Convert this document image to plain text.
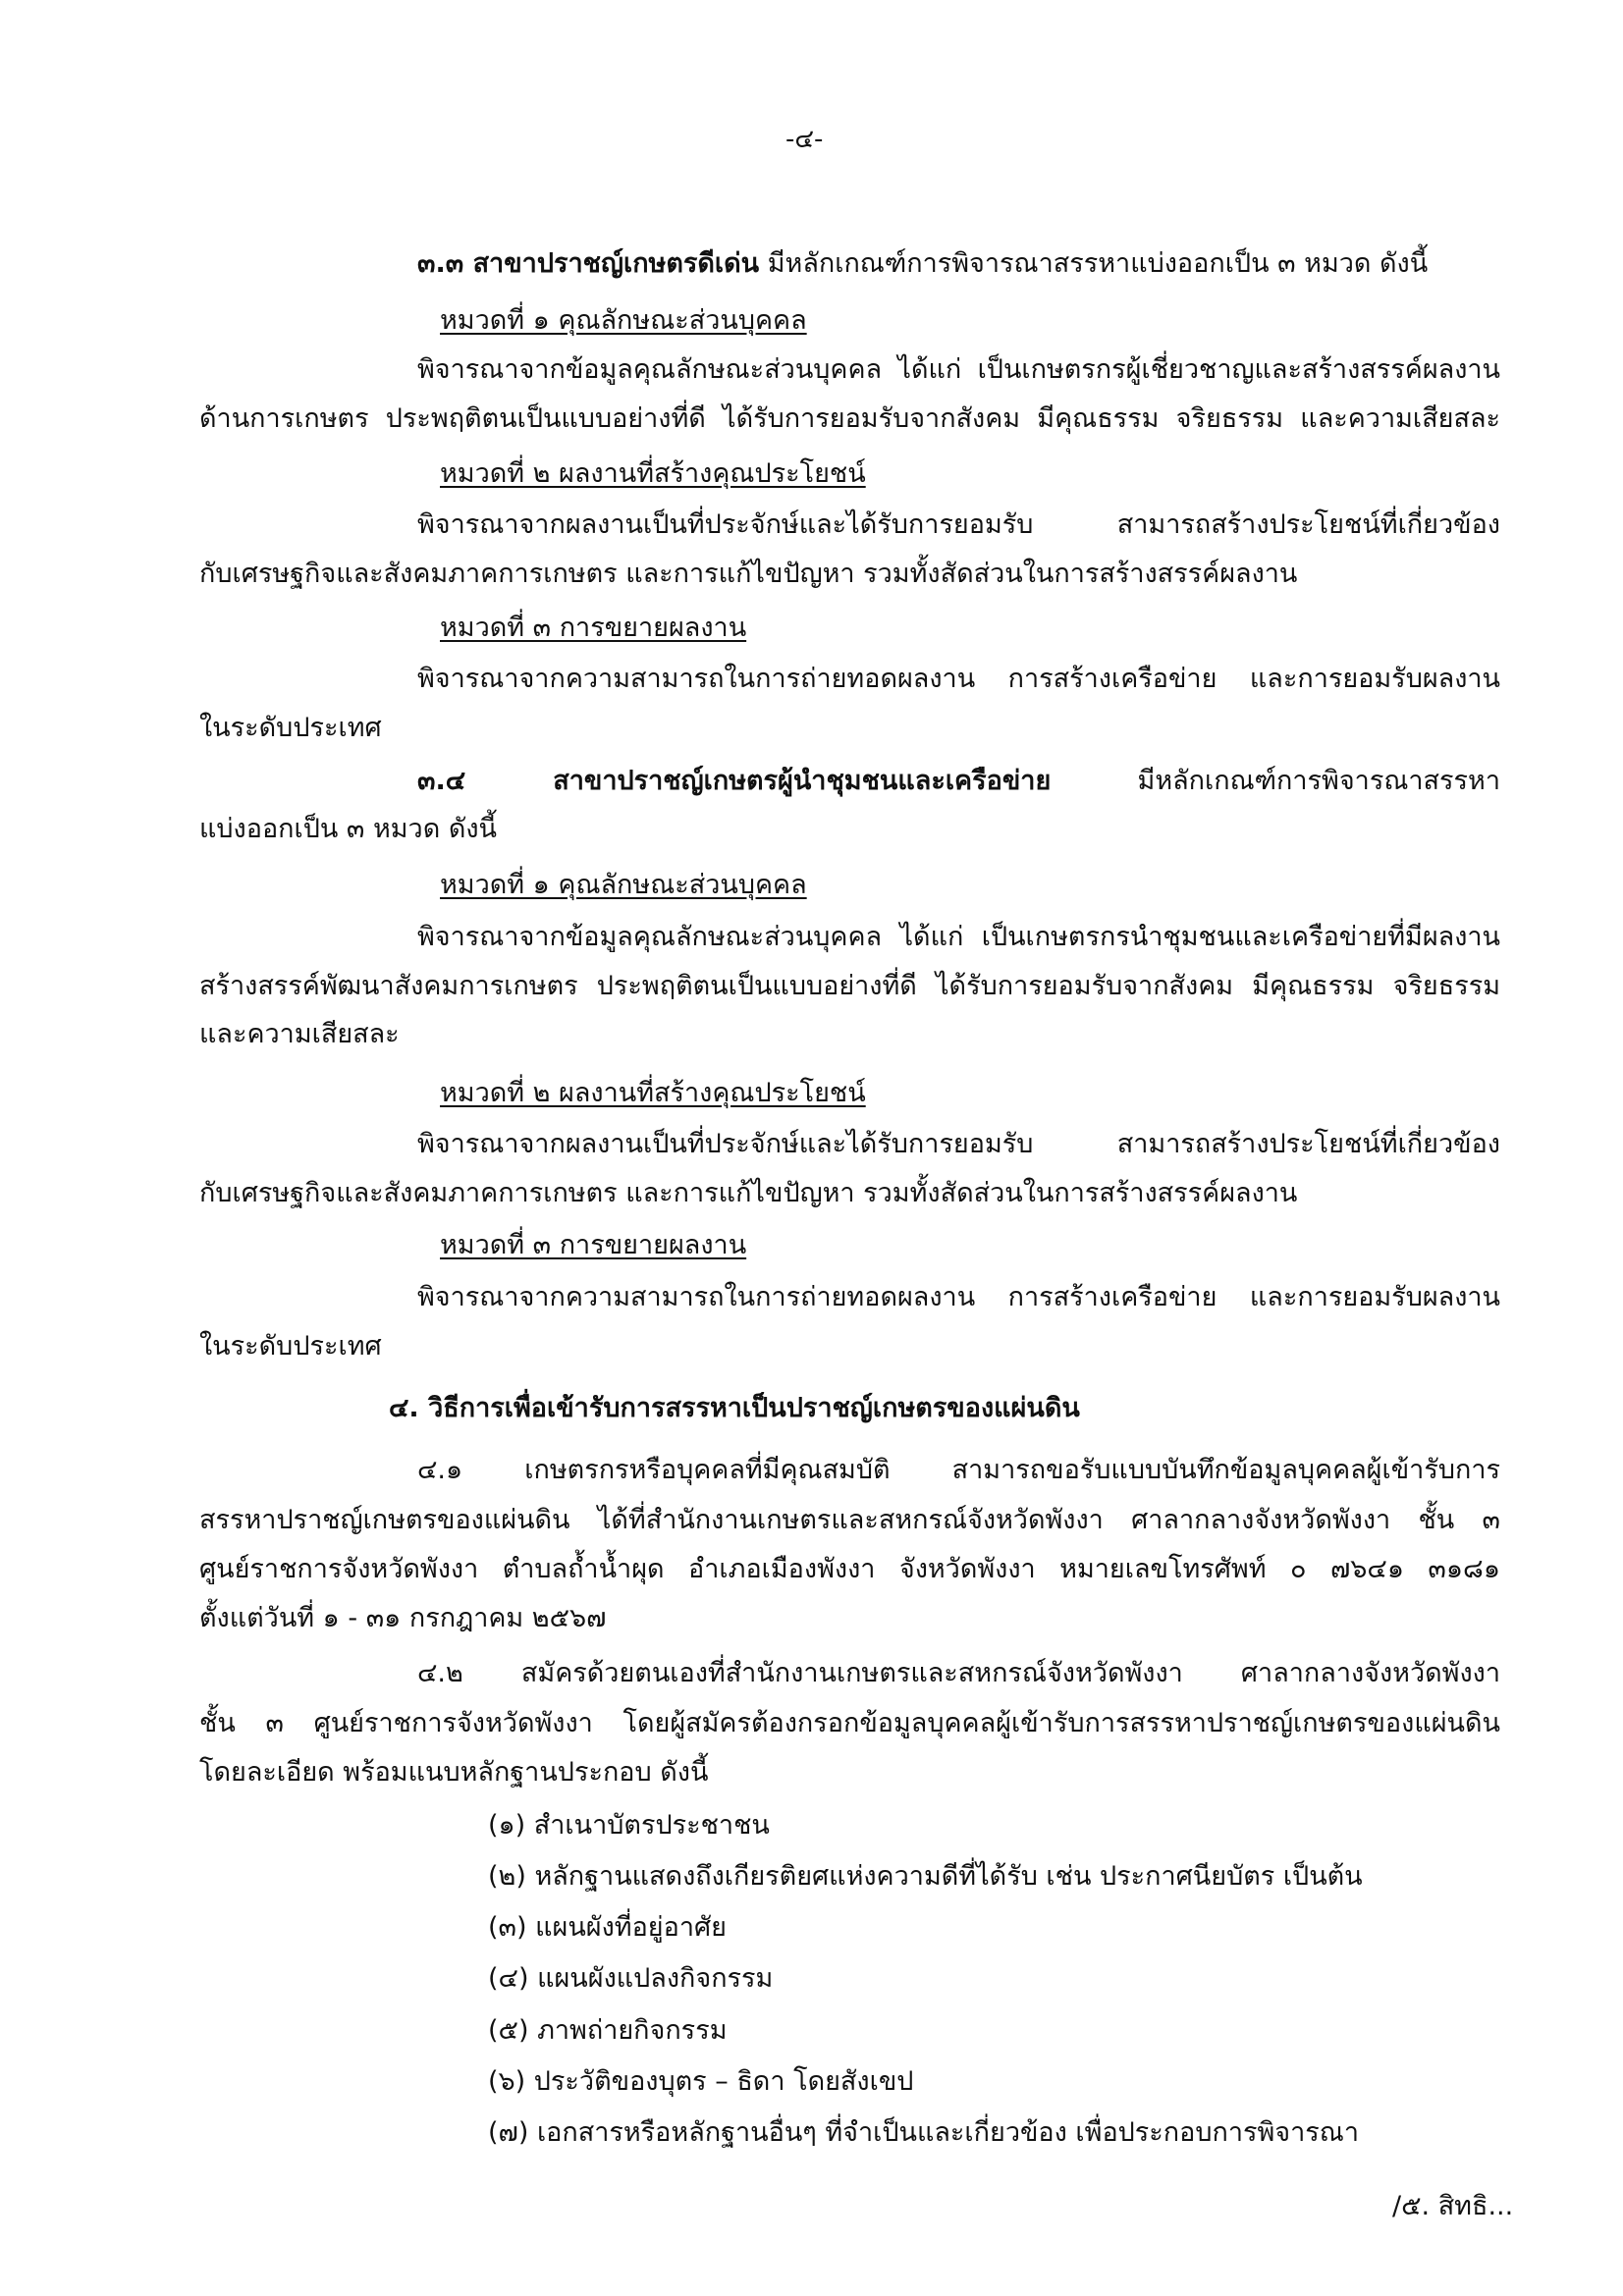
-๔-
๓.๓ สาขาปราชญ์เกษตรดีเด่น มีหลักเกณฑ์การพิจารณาสรรหาแบ่งออกเป็น ๓ หมวด ดังนี้
หมวดที่ ๑ คุณลักษณะส่วนบุคคล
พิจารณาจากข้อมูลคุณลักษณะส่วนบุคคล ได้แก่ เป็นเกษตรกรผู้เชี่ยวชาญและสร้างสรรค์ผลงาน
ด้านการเกษตร ประพฤติตนเป็นแบบอย่างที่ดี ได้รับการยอมรับจากสังคม มีคุณธรรม จริยธรรม และความเสียสละ
หมวดที่ ๒ ผลงานที่สร้างคุณประโยชน์
พิจารณาจากผลงานเป็นที่ประจักษ์และได้รับการยอมรับ สามารถสร้างประโยชน์ที่เกี่ยวข้อง
กับเศรษฐกิจและสังคมภาคการเกษตร และการแก้ไขปัญหา รวมทั้งสัดส่วนในการสร้างสรรค์ผลงาน
หมวดที่ ๓ การขยายผลงาน
พิจารณาจากความสามารถในการถ่ายทอดผลงาน การสร้างเครือข่าย และการยอมรับผลงาน
ในระดับประเทศ
๓.๔ สาขาปราชญ์เกษตรผู้นำชุมชนและเครือข่าย มีหลักเกณฑ์การพิจารณาสรรหา
แบ่งออกเป็น ๓ หมวด ดังนี้
หมวดที่ ๑ คุณลักษณะส่วนบุคคล
พิจารณาจากข้อมูลคุณลักษณะส่วนบุคคล ได้แก่ เป็นเกษตรกรนำชุมชนและเครือข่ายที่มีผลงาน
สร้างสรรค์พัฒนาสังคมการเกษตร ประพฤติตนเป็นแบบอย่างที่ดี ได้รับการยอมรับจากสังคม มีคุณธรรม จริยธรรม
และความเสียสละ
หมวดที่ ๒ ผลงานที่สร้างคุณประโยชน์
พิจารณาจากผลงานเป็นที่ประจักษ์และได้รับการยอมรับ สามารถสร้างประโยชน์ที่เกี่ยวข้อง
กับเศรษฐกิจและสังคมภาคการเกษตร และการแก้ไขปัญหา รวมทั้งสัดส่วนในการสร้างสรรค์ผลงาน
หมวดที่ ๓ การขยายผลงาน
พิจารณาจากความสามารถในการถ่ายทอดผลงาน การสร้างเครือข่าย และการยอมรับผลงาน
ในระดับประเทศ
๔. วิธีการเพื่อเข้ารับการสรรหาเป็นปราชญ์เกษตรของแผ่นดิน
๔.๑ เกษตรกรหรือบุคคลที่มีคุณสมบัติ สามารถขอรับแบบบันทึกข้อมูลบุคคลผู้เข้ารับการ
สรรหาปราชญ์เกษตรของแผ่นดิน ได้ที่สำนักงานเกษตรและสหกรณ์จังหวัดพังงา ศาลากลางจังหวัดพังงา ชั้น ๓
ศูนย์ราชการจังหวัดพังงา ตำบลถ้ำน้ำผุด อำเภอเมืองพังงา จังหวัดพังงา หมายเลขโทรศัพท์ ๐ ๗๖๔๑ ๓๑๘๑
ตั้งแต่วันที่ ๑ - ๓๑ กรกฎาคม ๒๕๖๗
๔.๒ สมัครด้วยตนเองที่สำนักงานเกษตรและสหกรณ์จังหวัดพังงา ศาลากลางจังหวัดพังงา
ชั้น ๓ ศูนย์ราชการจังหวัดพังงา โดยผู้สมัครต้องกรอกข้อมูลบุคคลผู้เข้ารับการสรรหาปราชญ์เกษตรของแผ่นดิน
โดยละเอียด พร้อมแนบหลักฐานประกอบ ดังนี้
(๑) สำเนาบัตรประชาชน
(๒) หลักฐานแสดงถึงเกียรติยศแห่งความดีที่ได้รับ เช่น ประกาศนียบัตร เป็นต้น
(๓) แผนผังที่อยู่อาศัย
(๔) แผนผังแปลงกิจกรรม
(๕) ภาพถ่ายกิจกรรม
(๖) ประวัติของบุตร – ธิดา โดยสังเขป
(๗) เอกสารหรือหลักฐานอื่นๆ ที่จำเป็นและเกี่ยวข้อง เพื่อประกอบการพิจารณา
/๕. สิทธิ...
